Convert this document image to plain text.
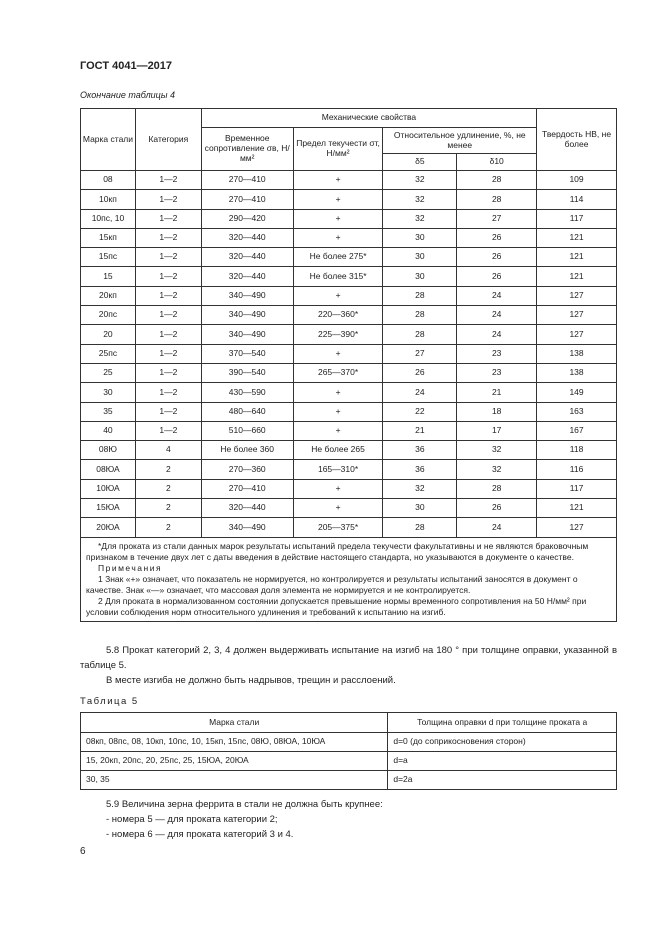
ГОСТ 4041—2017
Окончание таблицы 4
Марка стали	Категория	Механические свойства				Твердость НВ, не более
		Временное сопротивление σв, Н/мм²	Предел текучести σт, Н/мм²	Относительное удлинение, %, не менее		
				δ5	δ10	
08	1—2	270—410	+	32	28	109
10кп	1—2	270—410	+	32	28	114
10пс, 10	1—2	290—420	+	32	27	117
15кп	1—2	320—440	+	30	26	121
15пс	1—2	320—440	Не более 275*	30	26	121
15	1—2	320—440	Не более 315*	30	26	121
20кп	1—2	340—490	+	28	24	127
20пс	1—2	340—490	220—360*	28	24	127
20	1—2	340—490	225—390*	28	24	127
25пс	1—2	370—540	+	27	23	138
25	1—2	390—540	265—370*	26	23	138
30	1—2	430—590	+	24	21	149
35	1—2	480—640	+	22	18	163
40	1—2	510—660	+	21	17	167
08Ю	4	Не более 360	Не более 265	36	32	118
08ЮА	2	270—360	165—310*	36	32	116
10ЮА	2	270—410	+	32	28	117
15ЮА	2	320—440	+	30	26	121
20ЮА	2	340—490	205—375*	28	24	127

*Для проката из стали данных марок результаты испытаний предела текучести факультативны и не являются браковочным признаком в течение двух лет с даты введения в действие настоящего стандарта, но указываются в документе о качестве.

Примечания

1 Знак «+» означает, что показатель не нормируется, но контролируется и результаты испытаний заносятся в документ о качестве. Знак «—» означает, что массовая доля элемента не нормируется и не контролируется.

2 Для проката в нормализованном состоянии допускается превышение нормы временного сопротивления на 50 Н/мм² при условии соблюдения норм относительного удлинения и требований к испытанию на изгиб.						

5.8 Прокат категорий 2, 3, 4 должен выдерживать испытание на изгиб на 180 ° при толщине оправки, указанной в таблице 5.

В месте изгиба не должно быть надрывов, трещин и расслоений.

Таблица 5
Марка стали	Толщина оправки d при толщине проката a
08кп, 08пс, 08, 10кп, 10пс, 10, 15кп, 15пс, 08Ю, 08ЮА, 10ЮА	d=0 (до соприкосновения сторон)
15, 20кп, 20пс, 20, 25пс, 25, 15ЮА, 20ЮА	d=a
30, 35	d=2a

5.9 Величина зерна феррита в стали не должна быть крупнее:

- номера 5 — для проката категории 2;

- номера 6 — для проката категорий 3 и 4.

6
